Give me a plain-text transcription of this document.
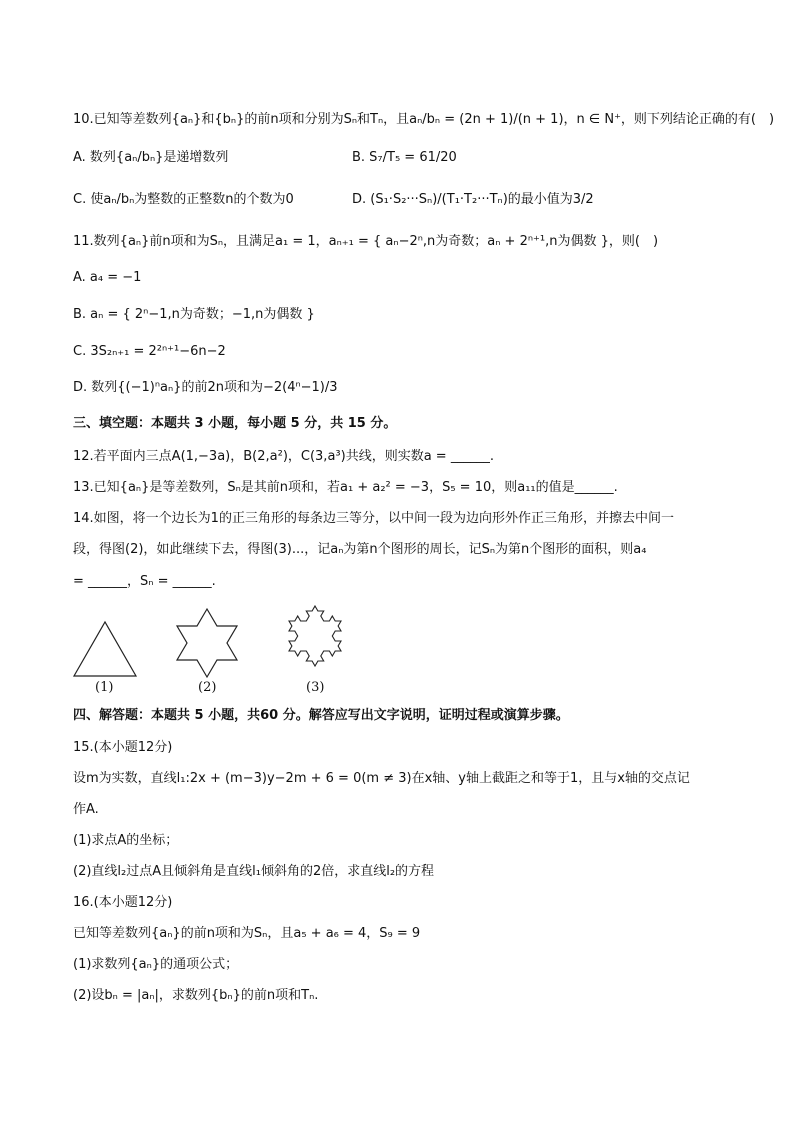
10.已知等差数列{aₙ}和{bₙ}的前n项和分别为Sₙ和Tₙ，且aₙ/bₙ = (2n + 1)/(n + 1)，n ∈ N⁺，则下列结论正确的有(　)
A. 数列{aₙ/bₙ}是递增数列	B. S₇/T₅ = 61/20
C. 使aₙ/bₙ为整数的正整数n的个数为0	D. (S₁·S₂···Sₙ)/(T₁·T₂···Tₙ)的最小值为3/2
11.数列{aₙ}前n项和为Sₙ，且满足a₁ = 1，aₙ₊₁ = { aₙ−2ⁿ,n为奇数；aₙ + 2ⁿ⁺¹,n为偶数 }，则(　)
A. a₄ = −1
B. aₙ = { 2ⁿ−1,n为奇数；−1,n为偶数 }
C. 3S₂ₙ₊₁ = 2²ⁿ⁺¹−6n−2
D. 数列{(−1)ⁿaₙ}的前2n项和为−2(4ⁿ−1)/3
三、填空题：本题共 3 小题，每小题 5 分，共 15 分。
12.若平面内三点A(1,−3a)，B(2,a²)，C(3,a³)共线，则实数a = ______.
13.已知{aₙ}是等差数列，Sₙ是其前n项和，若a₁ + a₂² = −3，S₅ = 10，则a₁₁的值是______.
14.如图，将一个边长为1的正三角形的每条边三等分，以中间一段为边向形外作正三角形，并擦去中间一
段，得图(2)，如此继续下去，得图(3)...，记aₙ为第n个图形的周长，记Sₙ为第n个图形的面积，则a₄
= ______，Sₙ = ______.
(1)	(2)	(3)
四、解答题：本题共 5 小题，共60 分。解答应写出文字说明，证明过程或演算步骤。
15.(本小题12分)
设m为实数，直线l₁:2x + (m−3)y−2m + 6 = 0(m ≠ 3)在x轴、y轴上截距之和等于1，且与x轴的交点记
作A.
(1)求点A的坐标；
(2)直线l₂过点A且倾斜角是直线l₁倾斜角的2倍，求直线l₂的方程
16.(本小题12分)
已知等差数列{aₙ}的前n项和为Sₙ，且a₅ + a₆ = 4，S₉ = 9
(1)求数列{aₙ}的通项公式；
(2)设bₙ = |aₙ|，求数列{bₙ}的前n项和Tₙ.
